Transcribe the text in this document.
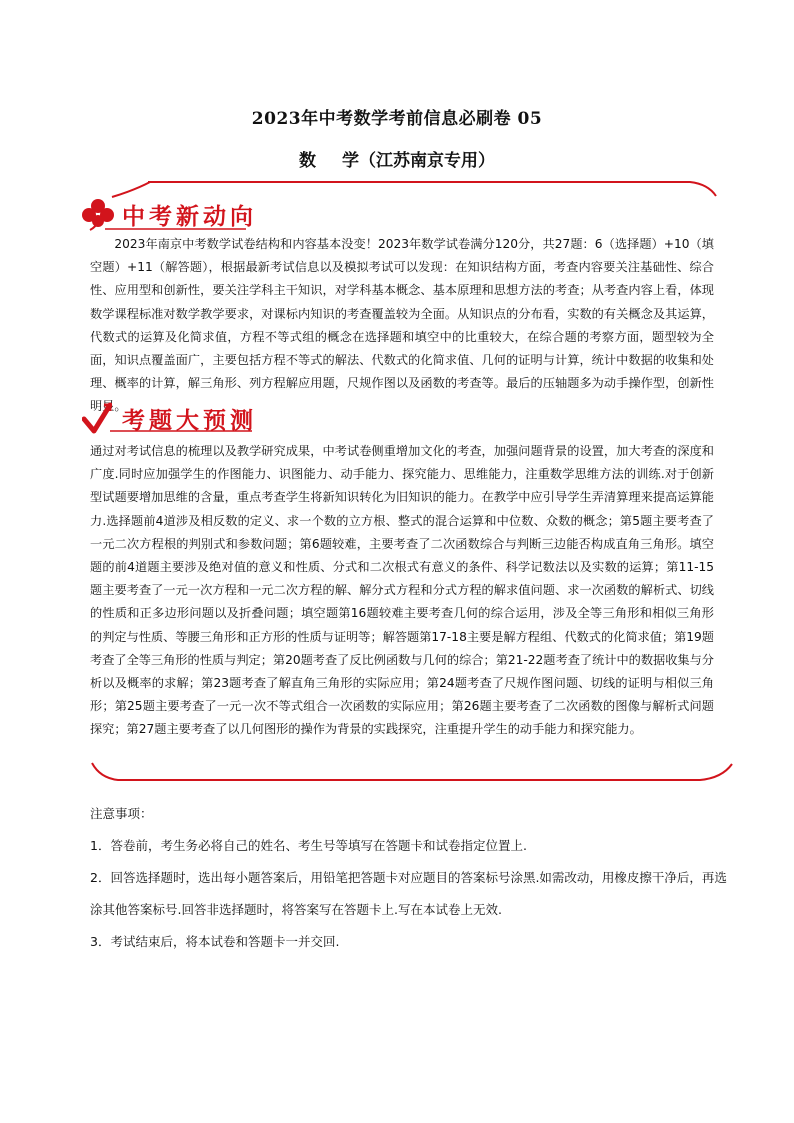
2023年中考数学考前信息必刷卷 05
数 学（江苏南京专用）
中考新动向
2023年南京中考数学试卷结构和内容基本没变！2023年数学试卷满分120分，共27题：6（选择题）+10（填空题）+11（解答题），根据最新考试信息以及模拟考试可以发现：在知识结构方面，考查内容要关注基础性、综合性、应用型和创新性，要关注学科主干知识，对学科基本概念、基本原理和思想方法的考查；从考查内容上看，体现数学课程标准对数学教学要求，对课标内知识的考查覆盖较为全面。从知识点的分布看，实数的有关概念及其运算，代数式的运算及化简求值，方程不等式组的概念在选择题和填空中的比重较大，在综合题的考察方面，题型较为全面，知识点覆盖面广，主要包括方程不等式的解法、代数式的化简求值、几何的证明与计算，统计中数据的收集和处理、概率的计算，解三角形、列方程解应用题，尺规作图以及函数的考查等。最后的压轴题多为动手操作型，创新性明显。
考题大预测
通过对考试信息的梳理以及教学研究成果，中考试卷侧重增加文化的考查，加强问题背景的设置，加大考查的深度和广度.同时应加强学生的作图能力、识图能力、动手能力、探究能力、思维能力，注重数学思维方法的训练.对于创新型试题要增加思维的含量，重点考查学生将新知识转化为旧知识的能力。在教学中应引导学生弄清算理来提高运算能力.选择题前4道涉及相反数的定义、求一个数的立方根、整式的混合运算和中位数、众数的概念；第5题主要考查了一元二次方程根的判别式和参数问题；第6题较难，主要考查了二次函数综合与判断三边能否构成直角三角形。填空题的前4道题主要涉及绝对值的意义和性质、分式和二次根式有意义的条件、科学记数法以及实数的运算；第11-15题主要考查了一元一次方程和一元二次方程的解、解分式方程和分式方程的解求值问题、求一次函数的解析式、切线的性质和正多边形问题以及折叠问题；填空题第16题较难主要考查几何的综合运用，涉及全等三角形和相似三角形的判定与性质、等腰三角形和正方形的性质与证明等；解答题第17-18主要是解方程组、代数式的化简求值；第19题考查了全等三角形的性质与判定；第20题考查了反比例函数与几何的综合；第21-22题考查了统计中的数据收集与分析以及概率的求解；第23题考查了解直角三角形的实际应用；第24题考查了尺规作图问题、切线的证明与相似三角形；第25题主要考查了一元一次不等式组合一次函数的实际应用；第26题主要考查了二次函数的图像与解析式问题探究；第27题主要考查了以几何图形的操作为背景的实践探究，注重提升学生的动手能力和探究能力。

注意事项：

1．答卷前，考生务必将自己的姓名、考生号等填写在答题卡和试卷指定位置上.

2．回答选择题时，选出每小题答案后，用铅笔把答题卡对应题目的答案标号涂黑.如需改动，用橡皮擦干净后，再选涂其他答案标号.回答非选择题时，将答案写在答题卡上.写在本试卷上无效.

3．考试结束后，将本试卷和答题卡一并交回.
